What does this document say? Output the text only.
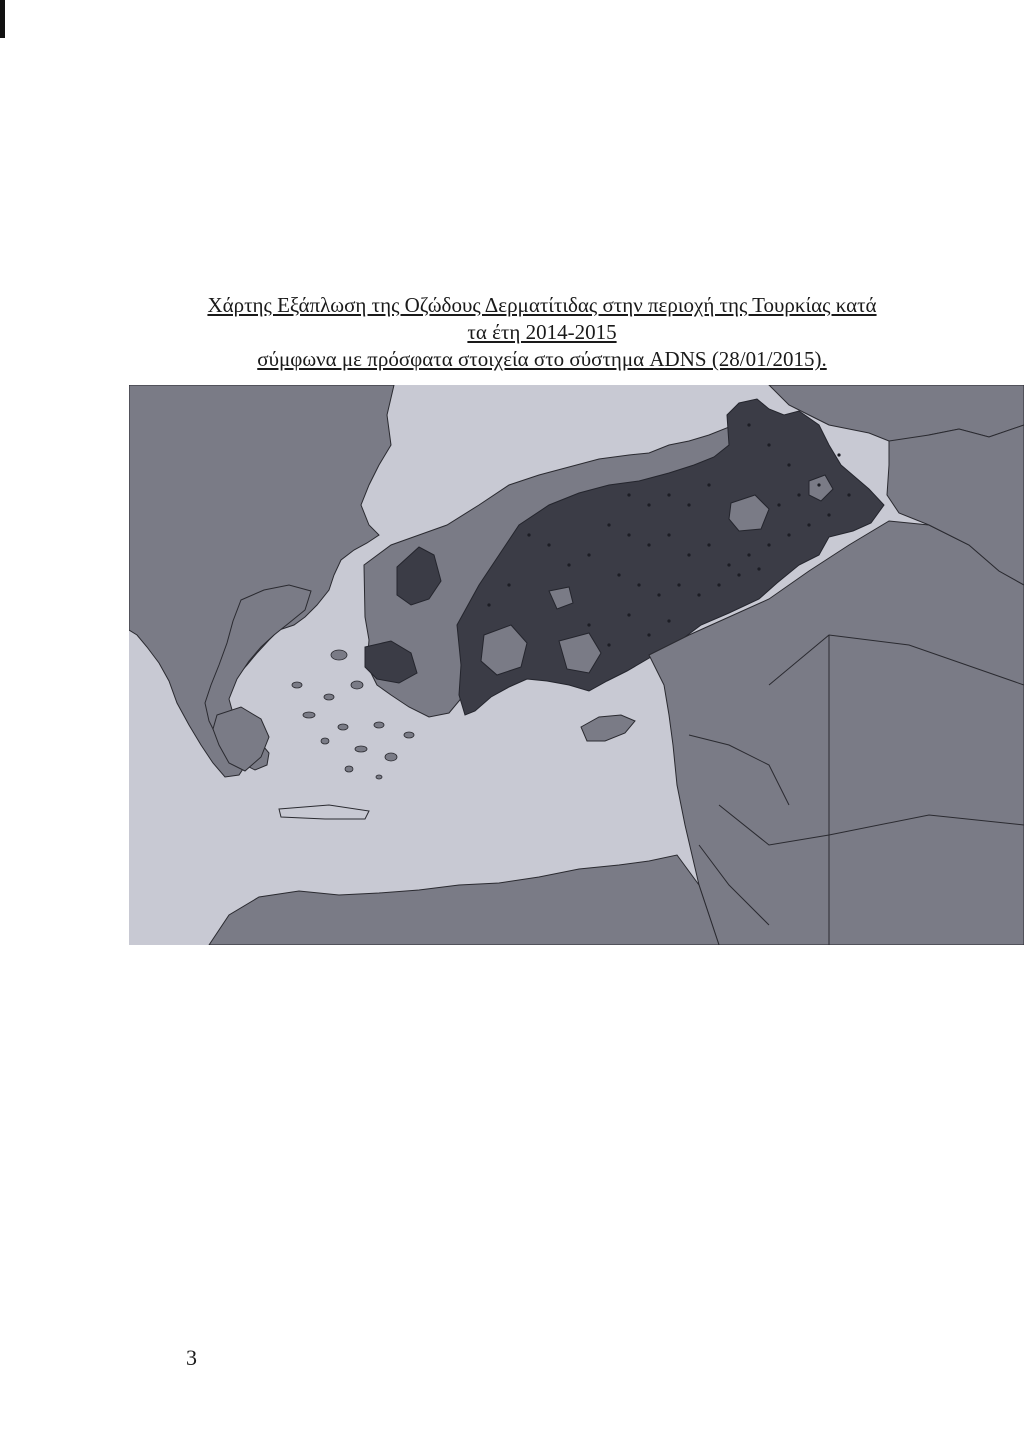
Χάρτης Εξάπλωση της Οζώδους Δερματίτιδας στην περιοχή της Τουρκίας κατά
τα έτη 2014-2015
σύμφωνα με πρόσφατα στοιχεία στο σύστημα ADNS (28/01/2015).
3
